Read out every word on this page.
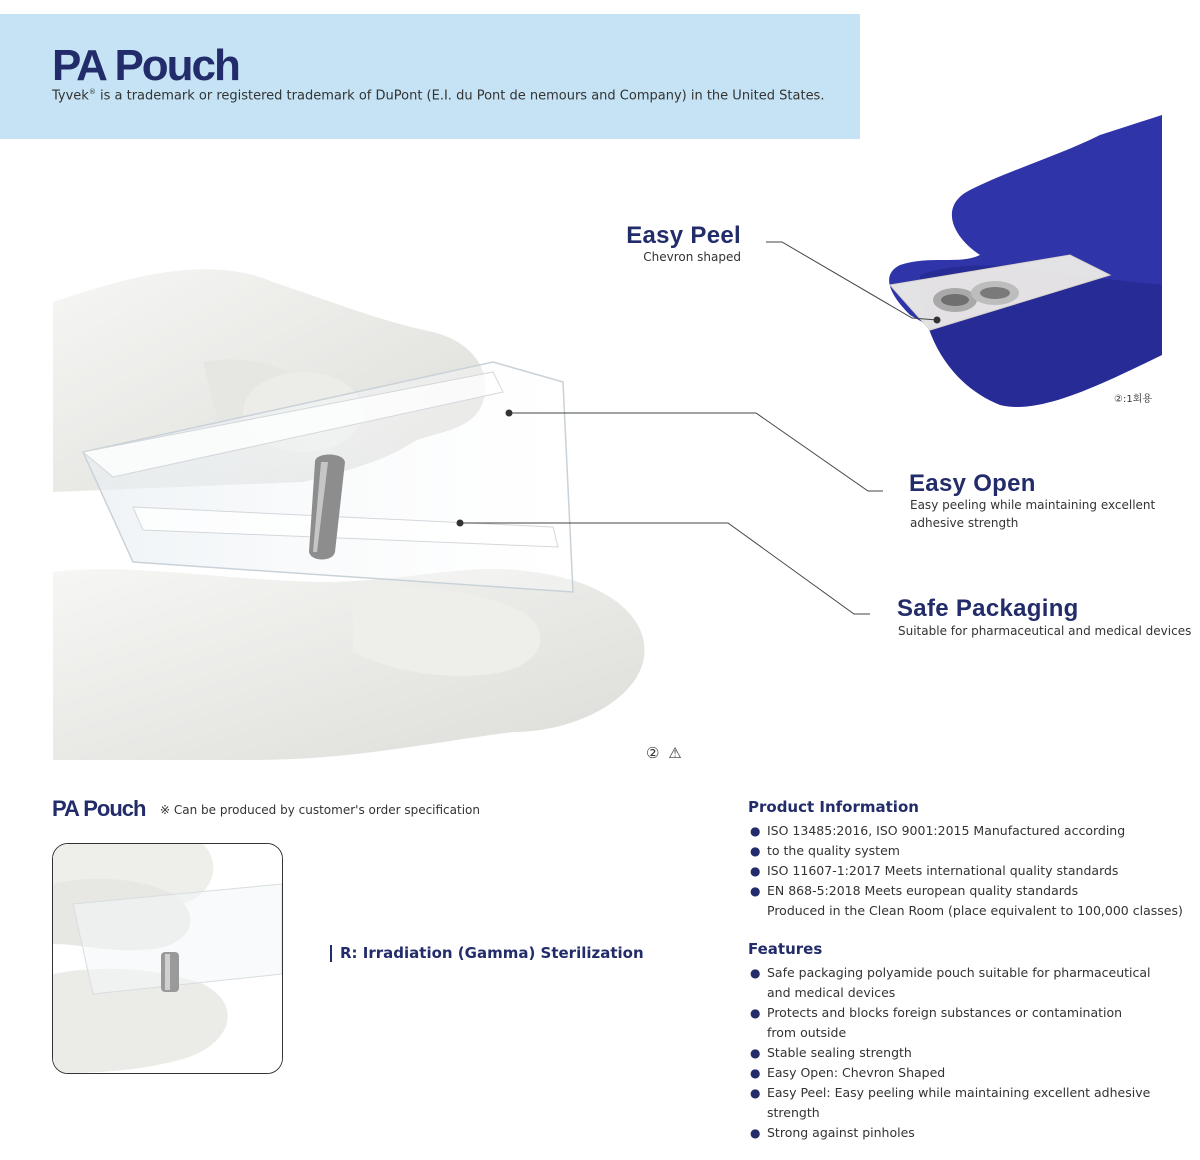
PA Pouch
Tyvek® is a trademark or registered trademark of DuPont (E.I. du Pont de nemours and Company) in the United States.
② ⚠
②:1회용
Easy Peel
Chevron shaped
Easy Open
Easy peeling while maintaining excellent
adhesive strength
Safe Packaging
Suitable for pharmaceutical and medical devices
PA Pouch ※ Can be produced by customer's order specification
R: Irradiation (Gamma) Sterilization
Product Information
● ISO 13485:2016, ISO 9001:2015 Manufactured according
● to the quality system
● ISO 11607-1:2017 Meets international quality standards
● EN 868-5:2018 Meets european quality standards
Produced in the Clean Room (place equivalent to 100,000 classes)
Features
● Safe packaging polyamide pouch suitable for pharmaceutical
and medical devices
● Protects and blocks foreign substances or contamination
from outside
● Stable sealing strength
● Easy Open: Chevron Shaped
● Easy Peel: Easy peeling while maintaining excellent adhesive
strength
● Strong against pinholes
